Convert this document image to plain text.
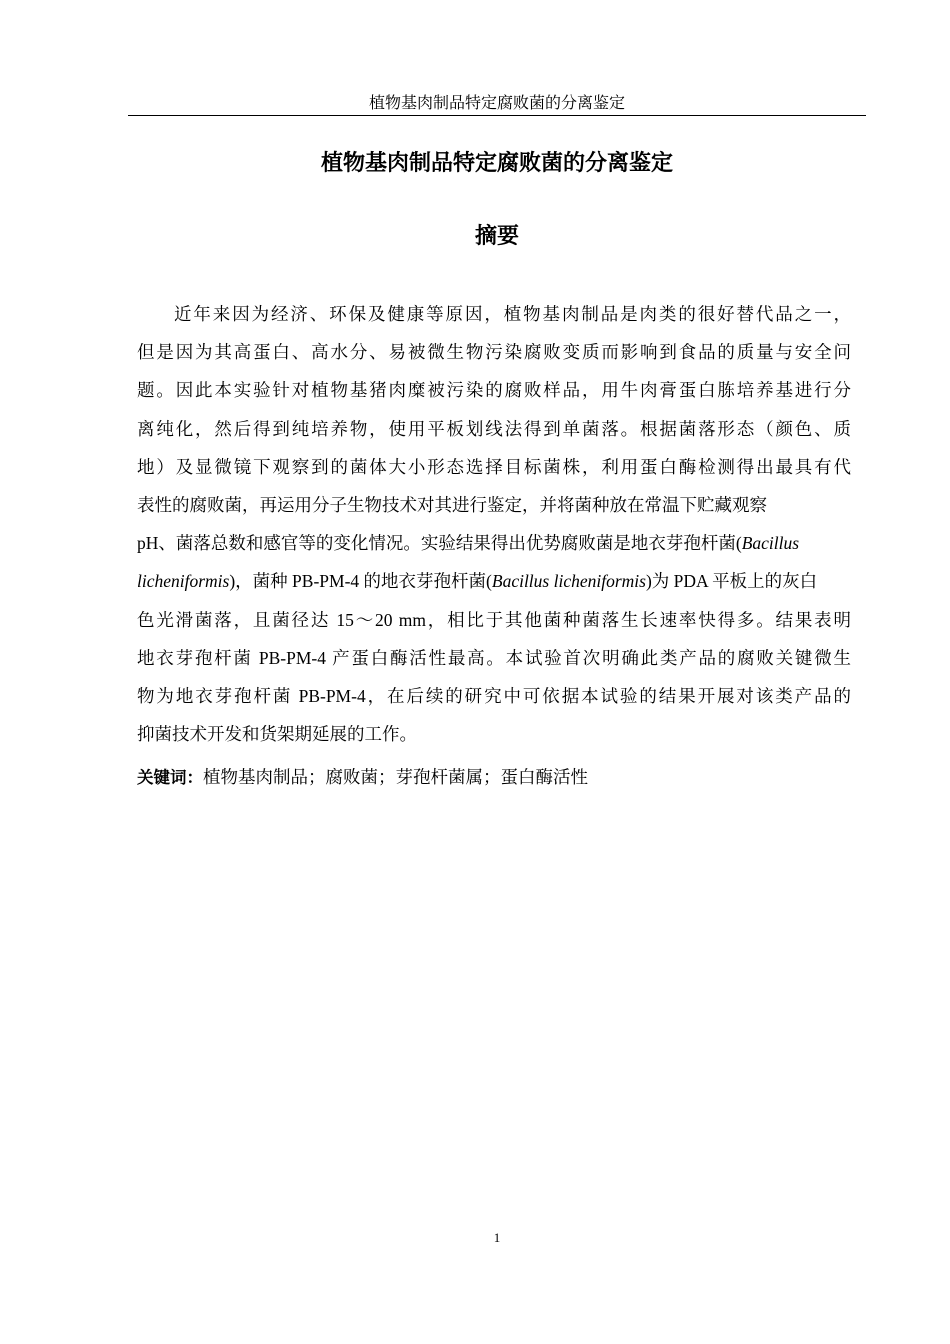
植物基肉制品特定腐败菌的分离鉴定
植物基肉制品特定腐败菌的分离鉴定
摘要
近年来因为经济、环保及健康等原因，植物基肉制品是肉类的很好替代品之一，
但是因为其高蛋白、高水分、易被微生物污染腐败变质而影响到食品的质量与安全问
题。因此本实验针对植物基猪肉糜被污染的腐败样品，用牛肉膏蛋白胨培养基进行分
离纯化，然后得到纯培养物，使用平板划线法得到单菌落。根据菌落形态（颜色、质
地）及显微镜下观察到的菌体大小形态选择目标菌株，利用蛋白酶检测得出最具有代
表性的腐败菌，再运用分子生物技术对其进行鉴定，并将菌种放在常温下贮藏观察
pH、菌落总数和感官等的变化情况。实验结果得出优势腐败菌是地衣芽孢杆菌(Bacillus
licheniformis)，菌种 PB-PM-4 的地衣芽孢杆菌(Bacillus licheniformis)为 PDA 平板上的灰白
色光滑菌落，且菌径达 15～20 mm，相比于其他菌种菌落生长速率快得多。结果表明
地衣芽孢杆菌 PB-PM-4 产蛋白酶活性最高。本试验首次明确此类产品的腐败关键微生
物为地衣芽孢杆菌 PB-PM-4，在后续的研究中可依据本试验的结果开展对该类产品的
抑菌技术开发和货架期延展的工作。
关键词：植物基肉制品；腐败菌；芽孢杆菌属；蛋白酶活性
1
